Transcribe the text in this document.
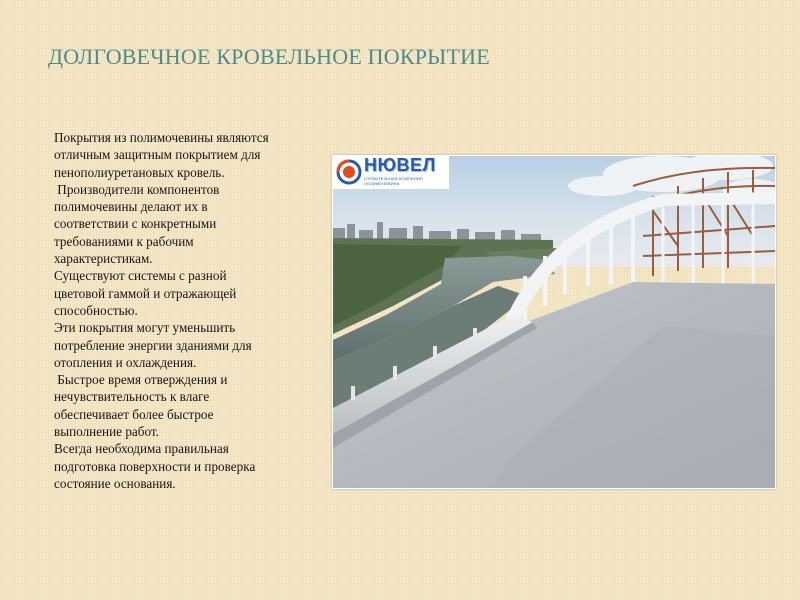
ДОЛГОВЕЧНОЕ КРОВЕЛЬНОЕ ПОКРЫТИЕ

Покрытия из полимочевины являются

отличным защитным покрытием для

пенополиуретановых кровель.

Производители компонентов

полимочевины делают их в

соответствии с конкретными

требованиями к рабочим

характеристикам.

Существуют системы с разной

цветовой гаммой и отражающей

способностью.

Эти покрытия могут уменьшить

потребление энергии зданиями для

отопления и охлаждения.

Быстрое время отверждения и

нечувствительность к влаге

обеспечивает более быстрое

выполнение работ.

Всегда необходима правильная

подготовка поверхности и проверка

состояние основания.

НЮВЕЛ
СТРОИТЕЛЬНАЯ КОМПАНИЯ ПОЛИМОЧЕВИНА
